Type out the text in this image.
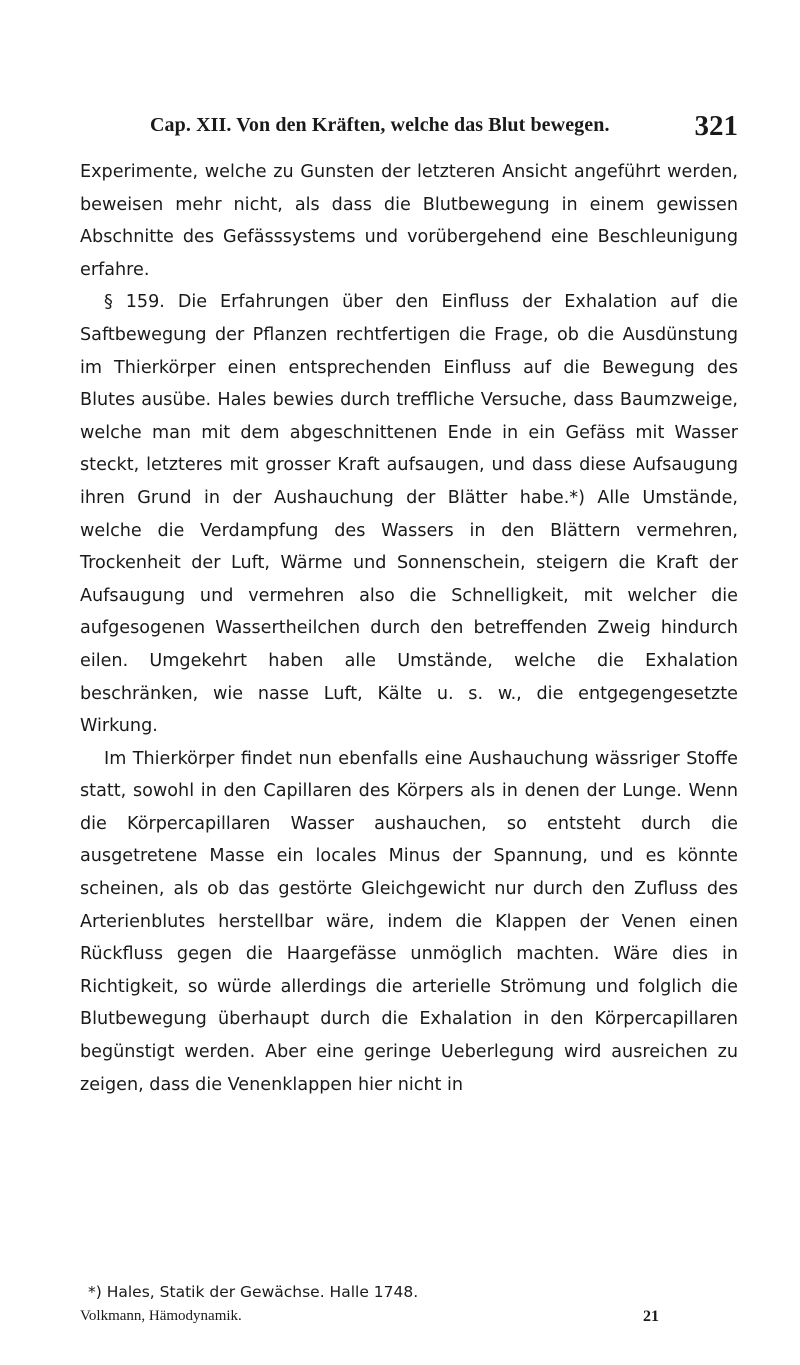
Cap. XII. Von den Kräften, welche das Blut bewegen.	321

Experimente, welche zu Gunsten der letzteren Ansicht angeführt werden, beweisen mehr nicht, als dass die Blutbewegung in einem gewissen Abschnitte des Gefässsystems und vorübergehend eine Beschleunigung erfahre.

§ 159. Die Erfahrungen über den Einfluss der Exhalation auf die Saftbewegung der Pflanzen rechtfertigen die Frage, ob die Ausdünstung im Thierkörper einen entsprechenden Einfluss auf die Bewegung des Blutes ausübe. Hales bewies durch treffliche Versuche, dass Baumzweige, welche man mit dem abgeschnittenen Ende in ein Gefäss mit Wasser steckt, letzteres mit grosser Kraft aufsaugen, und dass diese Aufsaugung ihren Grund in der Aushauchung der Blätter habe.*) Alle Umstände, welche die Verdampfung des Wassers in den Blättern vermehren, Trockenheit der Luft, Wärme und Sonnenschein, steigern die Kraft der Aufsaugung und vermehren also die Schnelligkeit, mit welcher die aufgesogenen Wassertheilchen durch den betreffenden Zweig hindurch eilen. Umgekehrt haben alle Umstände, welche die Exhalation beschränken, wie nasse Luft, Kälte u. s. w., die entgegengesetzte Wirkung.

Im Thierkörper findet nun ebenfalls eine Aushauchung wässriger Stoffe statt, sowohl in den Capillaren des Körpers als in denen der Lunge. Wenn die Körpercapillaren Wasser aushauchen, so entsteht durch die ausgetretene Masse ein locales Minus der Spannung, und es könnte scheinen, als ob das gestörte Gleichgewicht nur durch den Zufluss des Arterienblutes herstellbar wäre, indem die Klappen der Venen einen Rückfluss gegen die Haargefässe unmöglich machten. Wäre dies in Richtigkeit, so würde allerdings die arterielle Strömung und folglich die Blutbewegung überhaupt durch die Exhalation in den Körpercapillaren begünstigt werden. Aber eine geringe Ueberlegung wird ausreichen zu zeigen, dass die Venenklappen hier nicht in

*) Hales, Statik der Gewächse. Halle 1748.
Volkmann, Hämodynamik.	21
